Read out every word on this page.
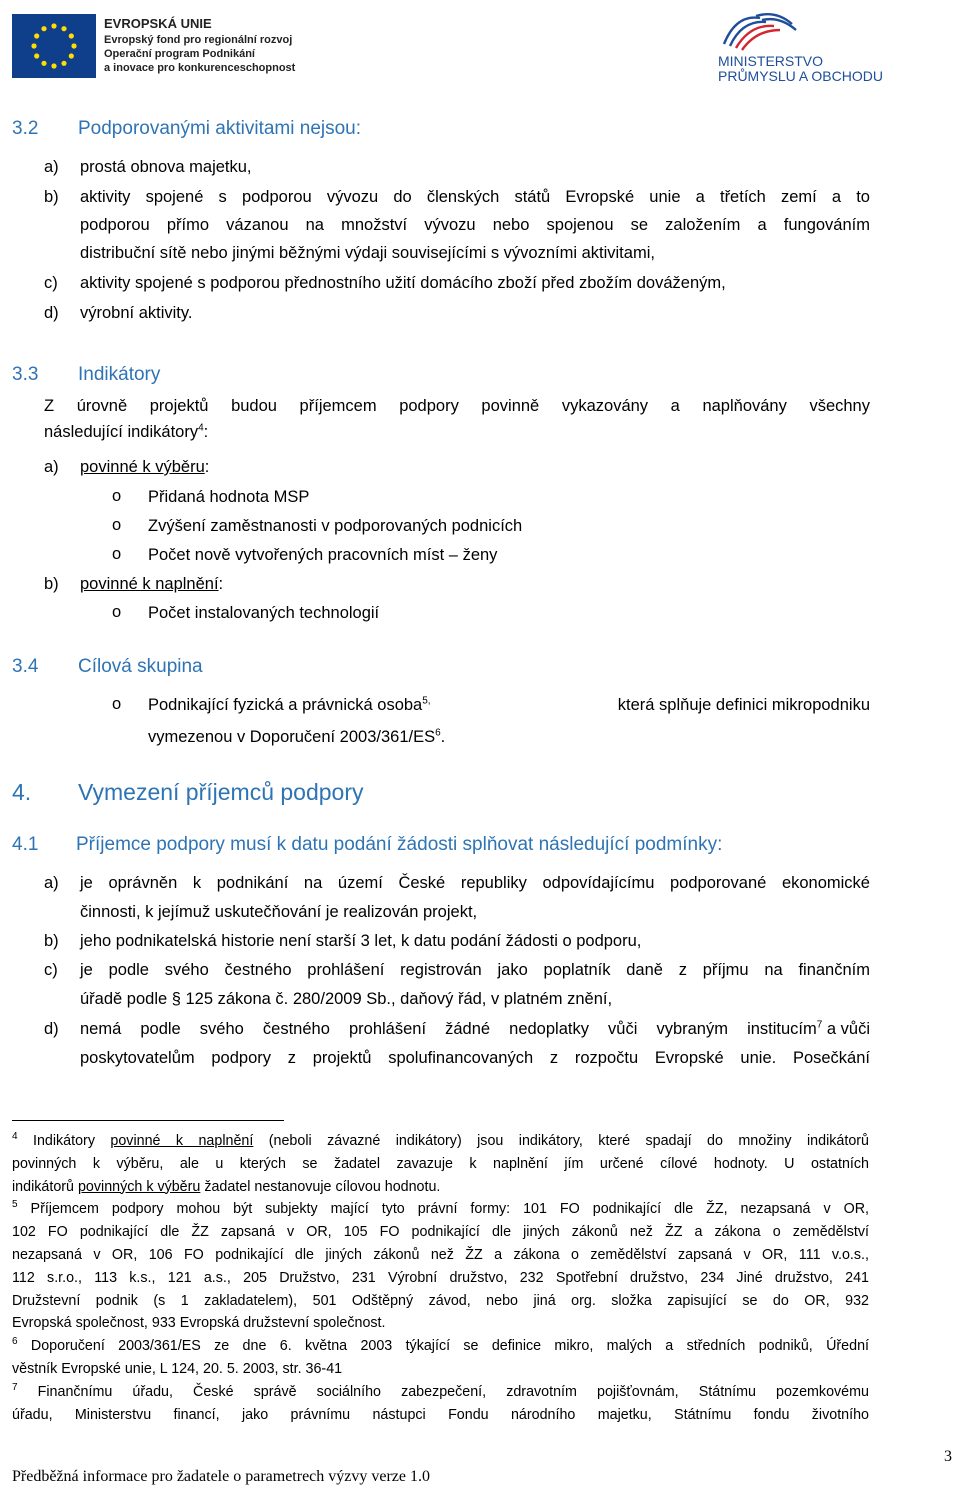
EVROPSKÁ UNIE
Evropský fond pro regionální rozvoj
Operační program Podnikání
a inovace pro konkurenceschopnost	MINISTERSTVO
PRŮMYSLU A OBCHODU
3.2 Podporovanými aktivitami nejsou:
a) prostá obnova majetku,
b) aktivity spojené s podporou vývozu do členských států Evropské unie a třetích zemí a to
podporou přímo vázanou na množství vývozu nebo spojenou se založením a fungováním
distribuční sítě nebo jinými běžnými výdaji souvisejícími s vývozními aktivitami,
c) aktivity spojené s podporou přednostního užití domácího zboží před zbožím dováženým,
d) výrobní aktivity.
3.3 Indikátory
Z úrovně projektů budou příjemcem podpory povinně vykazovány a naplňovány všechny
následující indikátory$^4$:
a) povinné k výběru:
o Přidaná hodnota MSP
o Zvýšení zaměstnanosti v podporovaných podnicích
o Počet nově vytvořených pracovních míst – ženy
b) povinné k naplnění:
o Počet instalovaných technologií
3.4 Cílová skupina
o Podnikající fyzická a právnická osoba$^{5,}$	která splňuje definici mikropodniku
vymezenou v Doporučení $2003/361/ES^6$.
4. Vymezení příjemců podpory
4.1 Příjemce podpory musí k datu podání žádosti splňovat následující podmínky:
a) je oprávněn k podnikání na území České republiky odpovídajícímu podporované ekonomické
činnosti, k jejímuž uskutečňování je realizován projekt,
b) jeho podnikatelská historie není starší 3 let, k datu podání žádosti o podporu,
c) je podle svého čestného prohlášení registrován jako poplatník daně z příjmu na finančním
úřadě podle § 125 zákona č. 280/2009 Sb., daňový řád, v platném znění,
d) nemá podle svého čestného prohlášení žádné nedoplatky vůči vybraným institucím $^7$ a vůči
poskytovatelům podpory z projektů spolufinancovaných z rozpočtu Evropské unie. Posečkání
$^4$ Indikátory povinné k naplnění (neboli závazné indikátory) jsou indikátory, které spadají do množiny indikátorů
povinných k výběru, ale u kterých se žadatel zavazuje k naplnění jím určené cílové hodnoty. U ostatních
indikátorů povinných k výběru žadatel nestanovuje cílovou hodnotu.
$^5$ Příjemcem podpory mohou být subjekty mající tyto právní formy: 101 FO podnikající dle ŽZ, nezapsaná v OR,
102 FO podnikající dle ŽZ zapsaná v OR, 105 FO podnikající dle jiných zákonů než ŽZ a zákona o zemědělství
nezapsaná v OR, 106 FO podnikající dle jiných zákonů než ŽZ a zákona o zemědělství zapsaná v OR, 111 v.o.s.,
112 s.r.o., 113 k.s., 121 a.s., 205 Družstvo, 231 Výrobní družstvo, 232 Spotřební družstvo, 234 Jiné družstvo, 241
Družstevní podnik (s 1 zakladatelem), 501 Odštěpný závod, nebo jiná org. složka zapisující se do OR, 932
Evropská společnost, 933 Evropská družstevní společnost.
$^6$ Doporučení 2003/361/ES ze dne 6. května 2003 týkající se definice mikro, malých a středních podniků, Úřední
věstník Evropské unie, L 124, 20. 5. 2003, str. 36-41
$^7$ Finančnímu úřadu, České správě sociálního zabezpečení, zdravotním pojišťovnám, Státnímu pozemkovému
úřadu, Ministerstvu financí, jako právnímu nástupci Fondu národního majetku, Státnímu fondu životního
Předběžná informace pro žadatele o parametrech výzvy verze 1.0
3
